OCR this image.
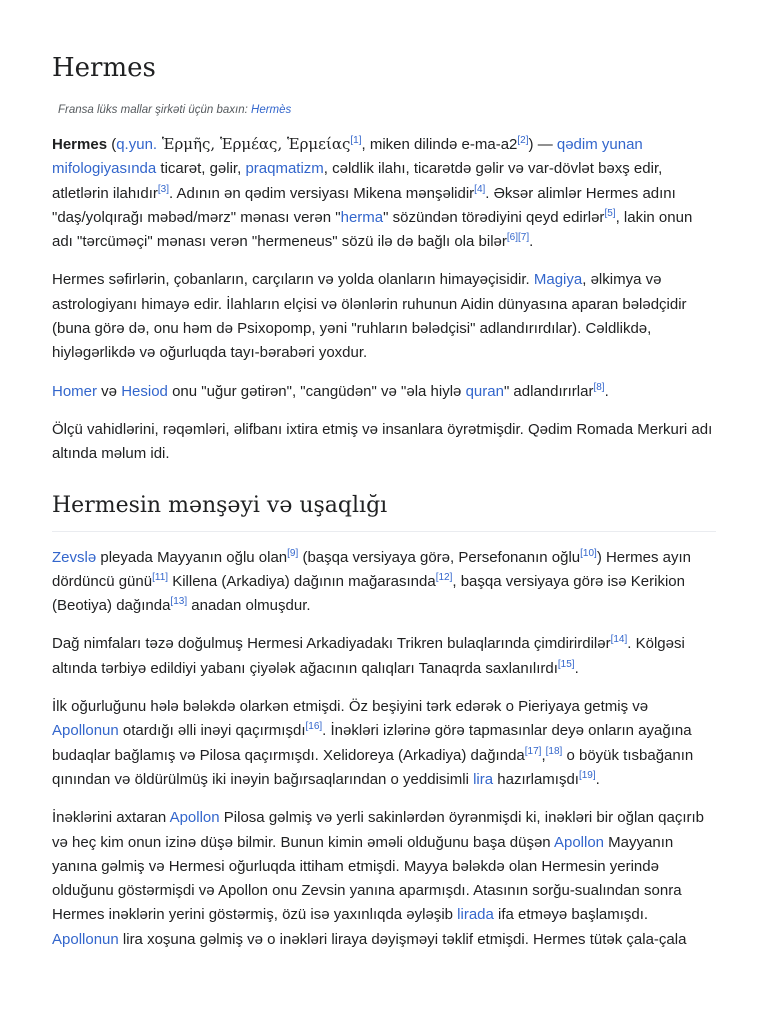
Hermes
Fransa lüks mallar şirkəti üçün baxın: Hermès

Hermes (q.yun. Ἑρμῆς, Ἑρμέας, Ἑρμείας[1], miken dilində e-ma-a2[2]) — qədim yunan mifologiyasında ticarət, gəlir, praqmatizm, cəldlik ilahı, ticarətdə gəlir və var-dövlət bəxş edir, atletlərin ilahıdır[3]. Adının ən qədim versiyası Mikena mənşəlidir[4]. Əksər alimlər Hermes adını "daş/yolqırağı məbəd/mərz" mənası verən "herma" sözündən törədiyini qeyd edirlər[5], lakin onun adı "tərcüməçi" mənası verən "hermeneus" sözü ilə də bağlı ola bilər[6][7].

Hermes səfirlərin, çobanların, carçıların və yolda olanların himayəçisidir. Magiya, əlkimya və astrologiyanı himayə edir. İlahların elçisi və ölənlərin ruhunun Aidin dünyasına aparan bələdçidir (buna görə də, onu həm də Psixopomp, yəni "ruhların bələdçisi" adlandırırdılar). Cəldlikdə, hiyləgərlikdə və oğurluqda tayı-bərabəri yoxdur.

Homer və Hesiod onu "uğur gətirən", "cangüdən" və "əla hiylə quran" adlandırırlar[8].

Ölçü vahidlərini, rəqəmləri, əlifbanı ixtira etmiş və insanlara öyrətmişdir. Qədim Romada Merkuri adı altında məlum idi.

Hermesin mənşəyi və uşaqlığı

Zevslə pleyada Mayyanın oğlu olan[9] (başqa versiyaya görə, Persefonanın oğlu[10]) Hermes ayın dördüncü günü[11] Killena (Arkadiya) dağının mağarasında[12], başqa versiyaya görə isə Kerikion (Beotiya) dağında[13] anadan olmuşdur.

Dağ nimfaları təzə doğulmuş Hermesi Arkadiyadakı Trikren bulaqlarında çimdirirdilər[14]. Kölgəsi altında tərbiyə edildiyi yabanı çiyələk ağacının qalıqları Tanaqrda saxlanılırdı[15].

İlk oğurluğunu hələ bələkdə olarkən etmişdi. Öz beşiyini tərk edərək o Pieriyaya getmiş və Apollonun otardığı əlli inəyi qaçırmışdı[16]. İnəkləri izlərinə görə tapmasınlar deyə onların ayağına budaqlar bağlamış və Pilosa qaçırmışdı. Xelidoreya (Arkadiya) dağında[17],[18] o böyük tısbağanın qınından və öldürülmüş iki inəyin bağırsaqlarından o yeddisimli lira hazırlamışdı[19].

İnəklərini axtaran Apollon Pilosa gəlmiş və yerli sakinlərdən öyrənmişdi ki, inəkləri bir oğlan qaçırıb və heç kim onun izinə düşə bilmir. Bunun kimin əməli olduğunu başa düşən Apollon Mayyanın yanına gəlmiş və Hermesi oğurluqda ittiham etmişdi. Mayya bələkdə olan Hermesin yerində olduğunu göstərmişdi və Apollon onu Zevsin yanına aparmışdı. Atasının sorğu-sualından sonra Hermes inəklərin yerini göstərmiş, özü isə yaxınlıqda əyləşib lirada ifa etməyə başlamışdı. Apollonun lira xoşuna gəlmiş və o inəkləri liraya dəyişməyi təklif etmişdi. Hermes tütək çala-çala
